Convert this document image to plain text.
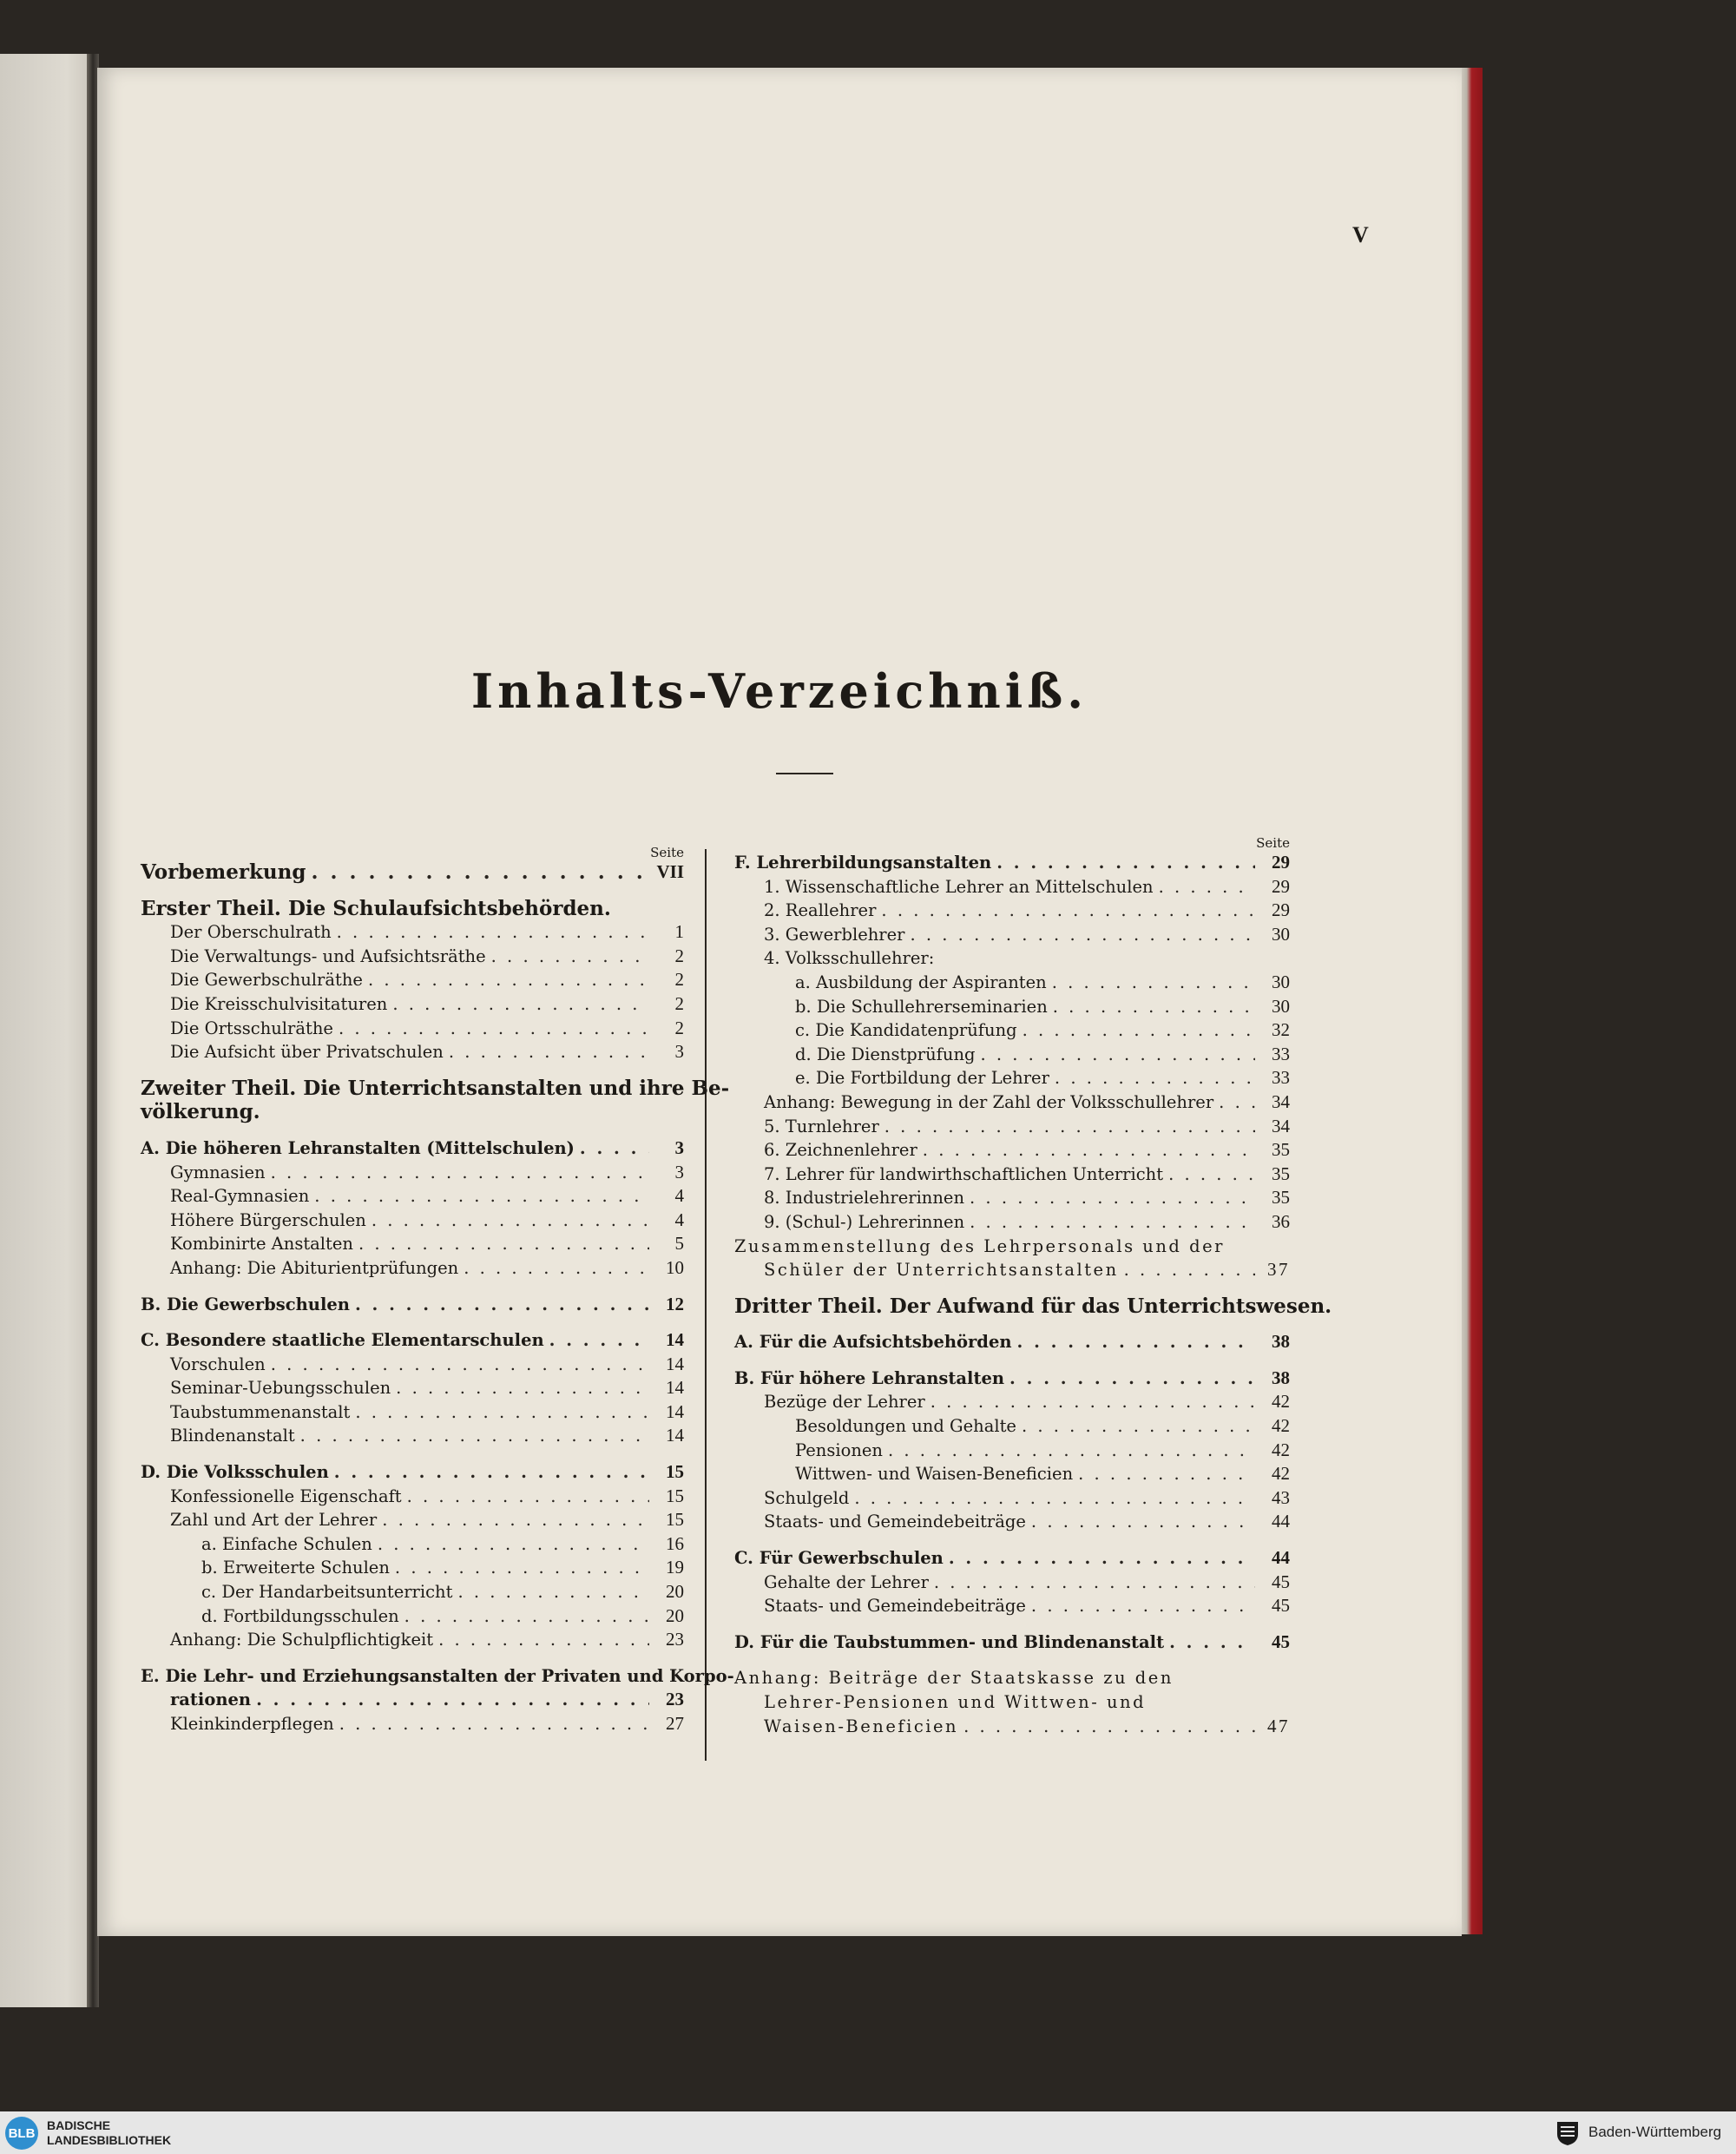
V
Inhalts-Verzeichniß.
Seite
Vorbemerkung . . .	VII
Erster Theil. Die Schulaufsichtsbehörden.
Der Oberschulrath . . .	1
Die Verwaltungs- und Aufsichtsräthe . . .	2
Die Gewerbschulräthe . . .	2
Die Kreisschulvisitaturen . . .	2
Die Ortsschulräthe . . .	2
Die Aufsicht über Privatschulen . . .	3
Zweiter Theil. Die Unterrichtsanstalten und ihre Be-
völkerung.
A. Die höheren Lehranstalten (Mittelschulen) . . .	3
Gymnasien . . .	3
Real-Gymnasien . . .	4
Höhere Bürgerschulen . . .	4
Kombinirte Anstalten . . .	5
Anhang: Die Abiturientprüfungen . . .	10
B. Die Gewerbschulen . . .	12
C. Besondere staatliche Elementarschulen . . .	14
Vorschulen . . .	14
Seminar-Uebungsschulen . . .	14
Taubstummenanstalt . . .	14
Blindenanstalt . . .	14
D. Die Volksschulen . . .	15
Konfessionelle Eigenschaft . . .	15
Zahl und Art der Lehrer . . .	15
a. Einfache Schulen . . .	16
b. Erweiterte Schulen . . .	19
c. Der Handarbeitsunterricht . . .	20
d. Fortbildungsschulen . . .	20
Anhang: Die Schulpflichtigkeit . . .	23
E. Die Lehr- und Erziehungsanstalten der Privaten und Korpo-
rationen . . .	23
Kleinkinderpflegen . . .	27
Seite
F. Lehrerbildungsanstalten . . .	29
1. Wissenschaftliche Lehrer an Mittelschulen . . .	29
2. Reallehrer . . .	29
3. Gewerblehrer . . .	30
4. Volksschullehrer:
a. Ausbildung der Aspiranten . . .	30
b. Die Schullehrerseminarien . . .	30
c. Die Kandidatenprüfung . . .	32
d. Die Dienstprüfung . . .	33
e. Die Fortbildung der Lehrer . . .	33
Anhang: Bewegung in der Zahl der Volksschullehrer . . .	34
5. Turnlehrer . . .	34
6. Zeichnenlehrer . . .	35
7. Lehrer für landwirthschaftlichen Unterricht . . .	35
8. Industrielehrerinnen . . .	35
9. (Schul-) Lehrerinnen . . .	36
Zusammenstellung des Lehrpersonals und der
Schüler der Unterrichtsanstalten . . .	37
Dritter Theil. Der Aufwand für das Unterrichtswesen.
A. Für die Aufsichtsbehörden . . .	38
B. Für höhere Lehranstalten . . .	38
Bezüge der Lehrer . . .	42
Besoldungen und Gehalte . . .	42
Pensionen . . .	42
Wittwen- und Waisen-Beneficien . . .	42
Schulgeld . . .	43
Staats- und Gemeindebeiträge . . .	44
C. Für Gewerbschulen . . .	44
Gehalte der Lehrer . . .	45
Staats- und Gemeindebeiträge . . .	45
D. Für die Taubstummen- und Blindenanstalt . . .	45
Anhang: Beiträge der Staatskasse zu den
Lehrer-Pensionen und Wittwen- und
Waisen-Beneficien . . .	47
BLB
BADISCHE
LANDESBIBLIOTHEK	Baden-Württemberg
